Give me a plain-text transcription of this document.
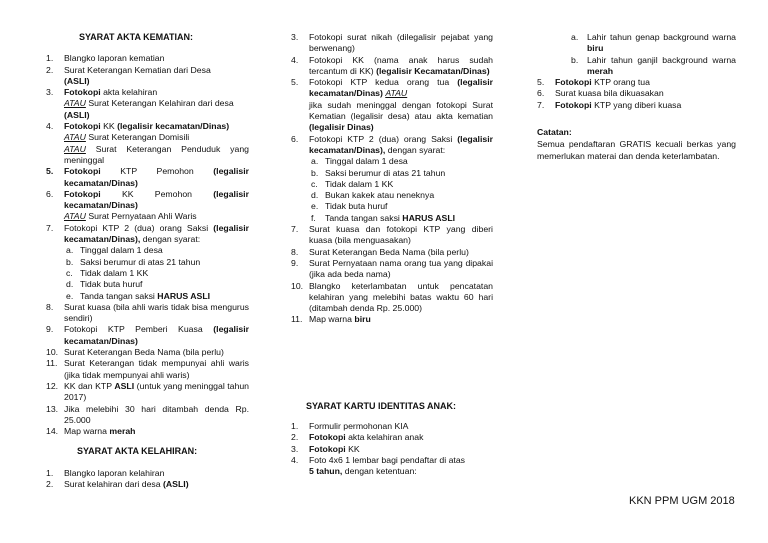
SYARAT AKTA KEMATIAN:
1. Blangko laporan kematian
2. Surat Keterangan Kematian dari Desa
(ASLI)
3. Fotokopi akta kelahiran
ATAU Surat Keterangan Kelahiran dari desa
(ASLI)
4. Fotokopi KK (legalisir kecamatan/Dinas)
ATAU Surat Keterangan Domisili
ATAU Surat Keterangan Penduduk yang meninggal
5. Fotokopi KTP Pemohon (legalisir kecamatan/Dinas)
6. Fotokopi KK Pemohon (legalisir kecamatan/Dinas)
ATAU Surat Pernyataan Ahli Waris
7. Fotokopi KTP 2 (dua) orang Saksi (legalisir kecamatan/Dinas), dengan syarat:
a. Tinggal dalam 1 desa
b. Saksi berumur di atas 21 tahun
c. Tidak dalam 1 KK
d. Tidak buta huruf
e. Tanda tangan saksi HARUS ASLI
8. Surat kuasa (bila ahli waris tidak bisa mengurus sendiri)
9. Fotokopi KTP Pemberi Kuasa (legalisir kecamatan/Dinas)
10. Surat Keterangan Beda Nama (bila perlu)
11. Surat Keterangan tidak mempunyai ahli waris (jika tidak mempunyai ahli waris)
12. KK dan KTP ASLI (untuk yang meninggal tahun 2017)
13. Jika melebihi 30 hari ditambah denda Rp. 25.000
14. Map warna merah
SYARAT AKTA KELAHIRAN:
1. Blangko laporan kelahiran
2. Surat kelahiran dari desa (ASLI)
3. Fotokopi surat nikah (dilegalisir pejabat yang berwenang)
4. Fotokopi KK (nama anak harus sudah tercantum di KK) (legalisir Kecamatan/Dinas)
5. Fotokopi KTP kedua orang tua (legalisir kecamatan/Dinas) ATAU
jika sudah meninggal dengan fotokopi Surat Kematian (legalisir desa) atau akta kematian (legalisir Dinas)
6. Fotokopi KTP 2 (dua) orang Saksi (legalisir kecamatan/Dinas), dengan syarat:
a. Tinggal dalam 1 desa
b. Saksi berumur di atas 21 tahun
c. Tidak dalam 1 KK
d. Bukan kakek atau neneknya
e. Tidak buta huruf
f. Tanda tangan saksi HARUS ASLI
7. Surat kuasa dan fotokopi KTP yang diberi kuasa (bila menguasakan)
8. Surat Keterangan Beda Nama (bila perlu)
9. Surat Pernyataan nama orang tua yang dipakai (jika ada beda nama)
10. Blangko keterlambatan untuk pencatatan kelahiran yang melebihi batas waktu 60 hari (ditambah denda Rp. 25.000)
11. Map warna biru
SYARAT KARTU IDENTITAS ANAK:
1. Formulir permohonan KIA
2. Fotokopi akta kelahiran anak
3. Fotokopi KK
4. Foto 4x6 1 lembar bagi pendaftar di atas
5 tahun, dengan ketentuan:
a. Lahir tahun genap background warna biru
b. Lahir tahun ganjil background warna merah
5. Fotokopi KTP orang tua
6. Surat kuasa bila dikuasakan
7. Fotokopi KTP yang diberi kuasa
Catatan:
Semua pendaftaran GRATIS kecuali berkas yang memerlukan materai dan denda keterlambatan.
KKN PPM UGM 2018
